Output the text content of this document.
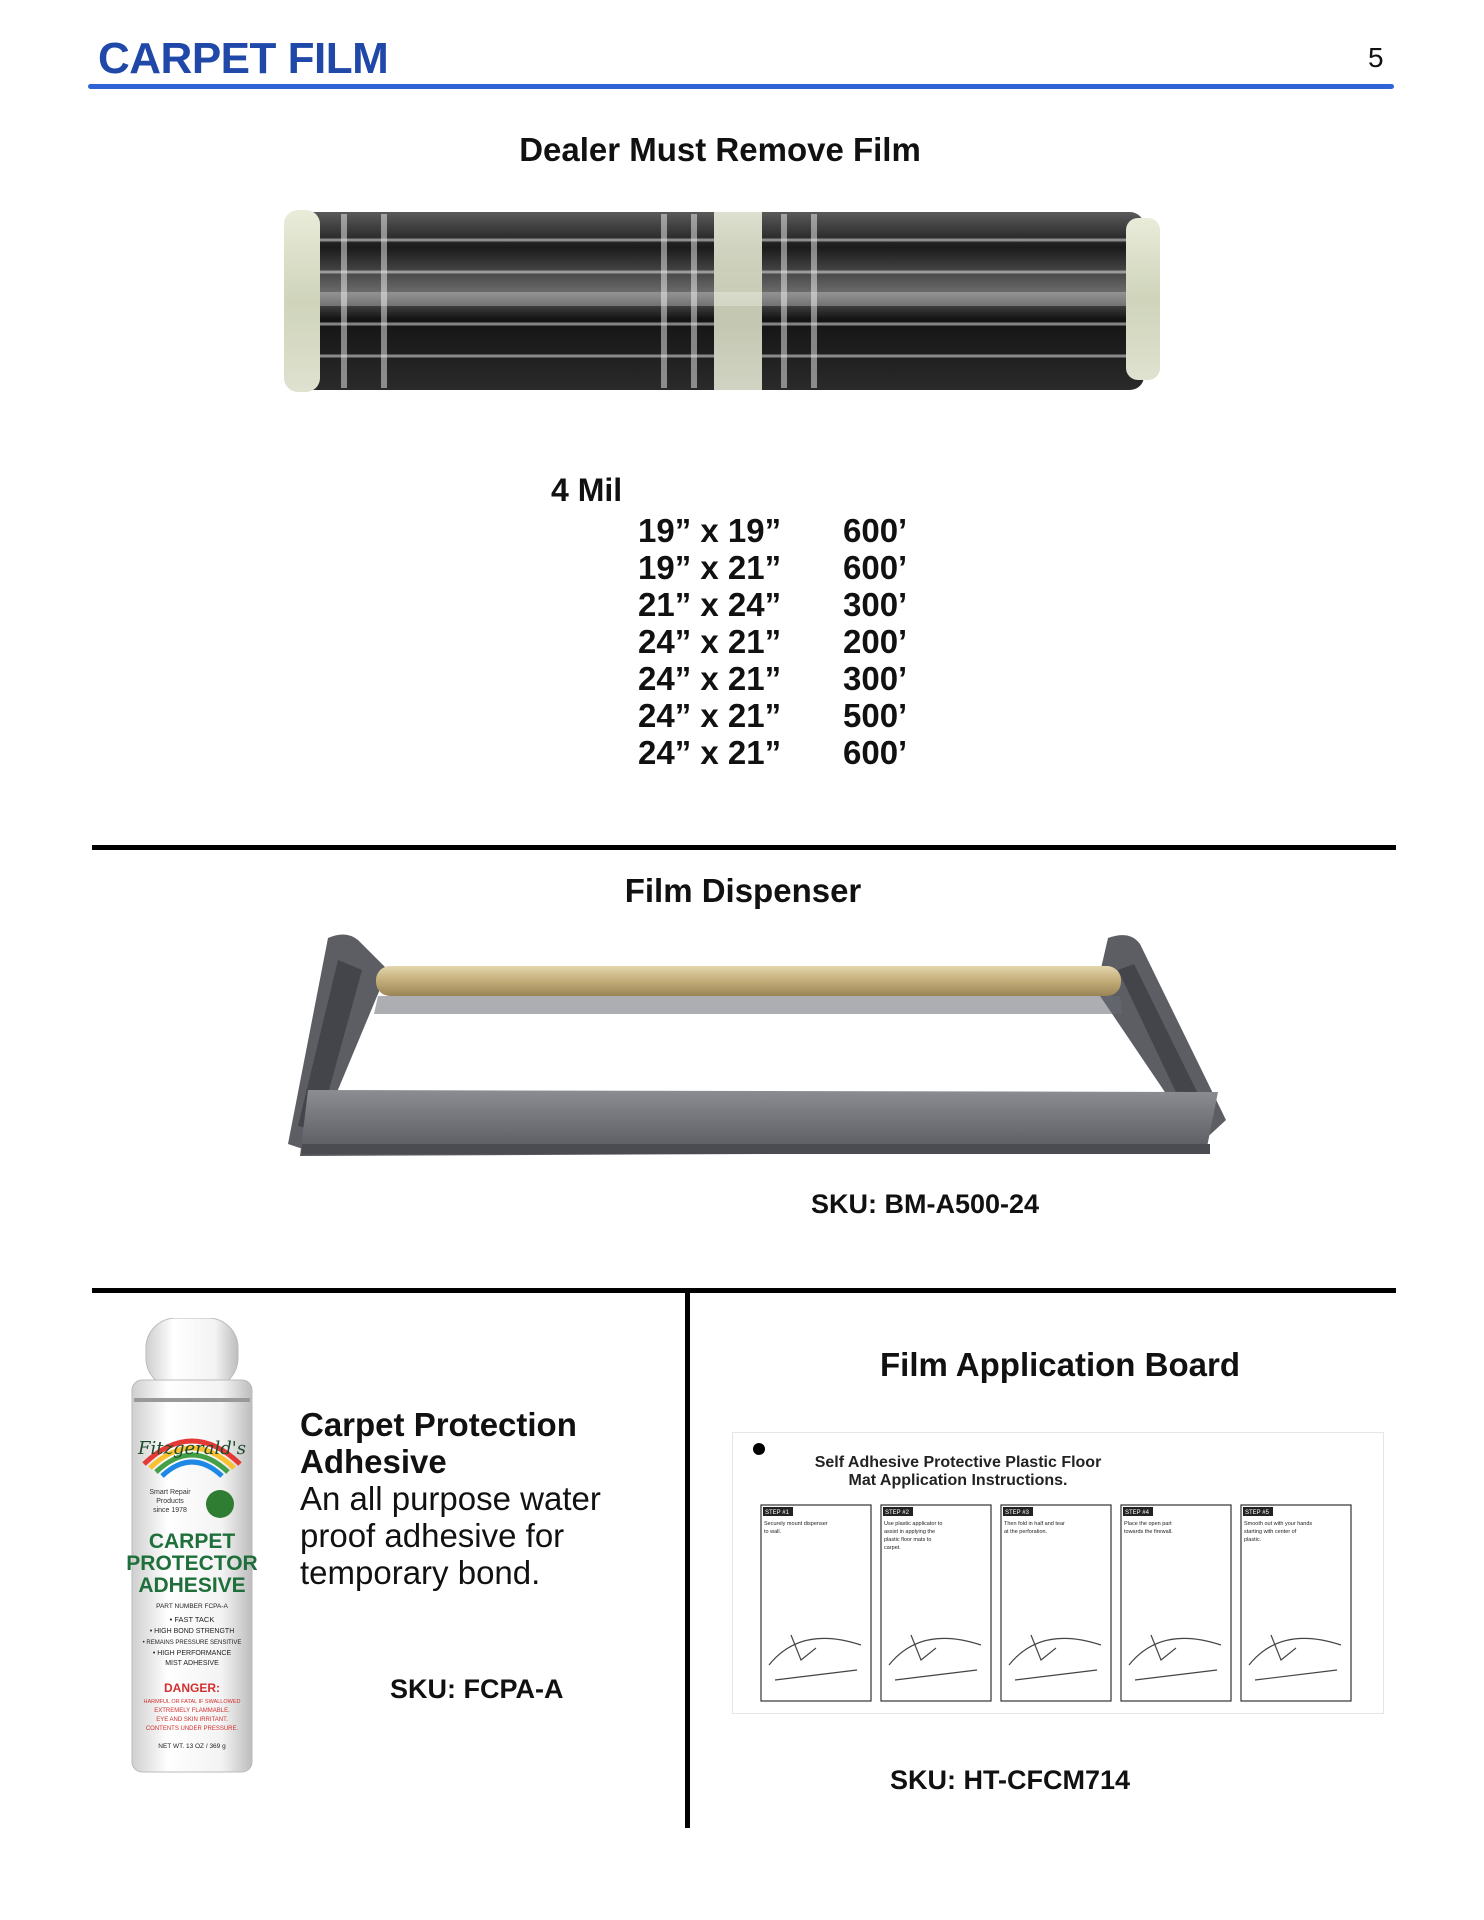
CARPET FILM	5
Dealer Must Remove Film
4 Mil
19” x 19”	600’
19” x 21”	600’
21” x 24”	300’
24” x 21”	200’
24” x 21”	300’
24” x 21”	500’
24” x 21”	600’
Film Dispenser
SKU: BM-A500-24
Fitzgerald's
Smart Repair
Products
since 1978
CARPET
PROTECTOR
ADHESIVE
PART NUMBER FCPA-A
• FAST TACK
• HIGH BOND STRENGTH
• REMAINS PRESSURE SENSITIVE
• HIGH PERFORMANCE
MIST ADHESIVE
DANGER:
HARMFUL OR FATAL IF SWALLOWED
EXTREMELY FLAMMABLE.
EYE AND SKIN IRRITANT.
CONTENTS UNDER PRESSURE.
NET WT. 13 OZ / 369 g
Carpet Protection
Adhesive
An all purpose water
proof adhesive for
temporary bond.
SKU: FCPA-A
Film Application Board
Self Adhesive Protective Plastic Floor
Mat Application Instructions.
STEP #1
Securely mount dispenser
to wall.
STEP #2
Use plastic applicator to
assist in applying the
plastic floor mats to
carpet.
STEP #3
Then fold in half and tear
at the perforation.
STEP #4
Place the open part
towards the firewall.
STEP #5
Smooth out with your hands
starting with center of
plastic.
SKU: HT-CFCM714
